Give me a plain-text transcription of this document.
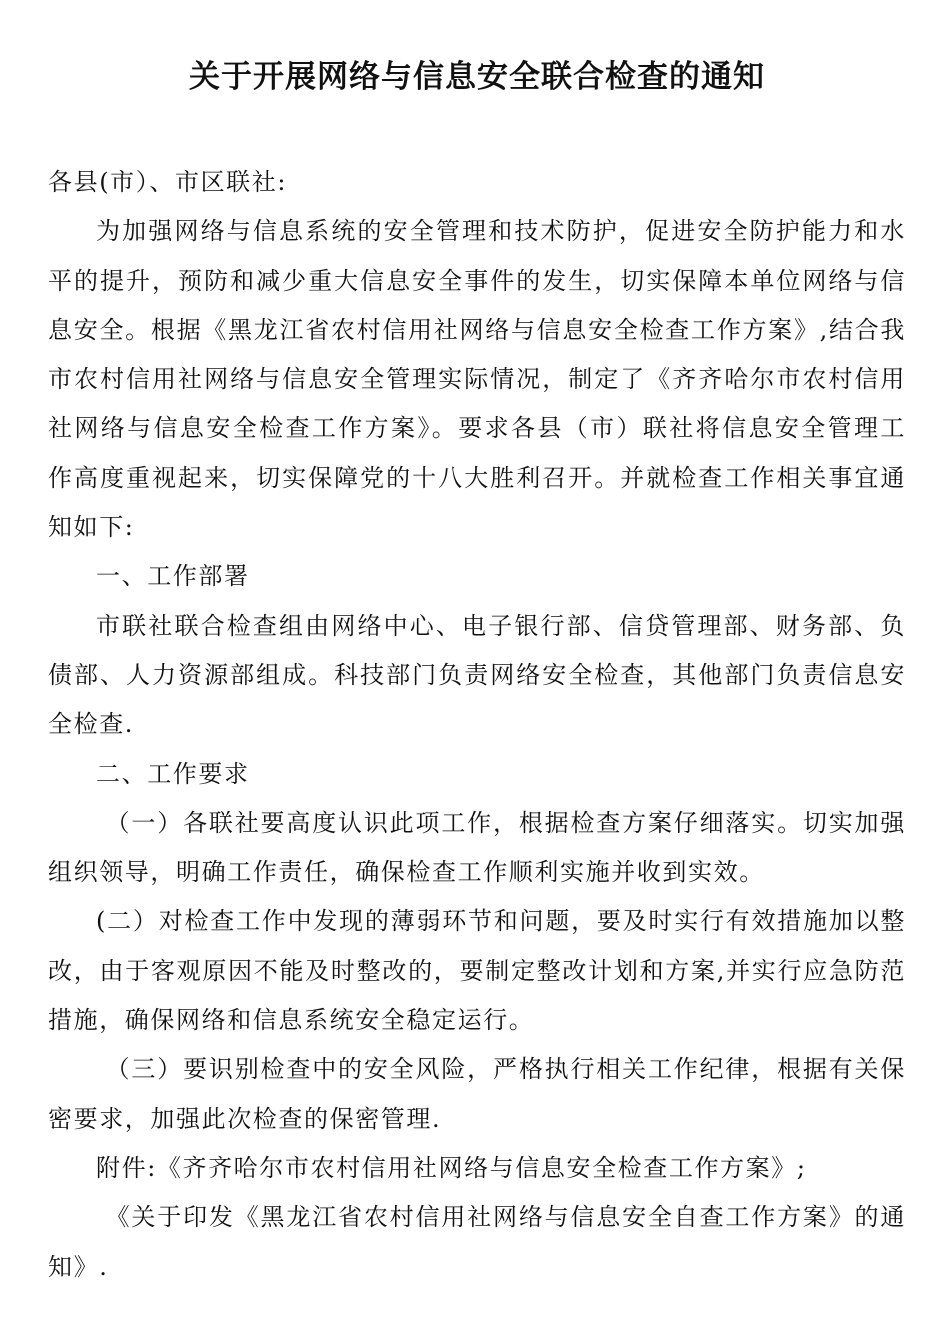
关于开展网络与信息安全联合检查的通知

各县(市）、市区联社:

为加强网络与信息系统的安全管理和技术防护，促进安全防护能力和水平的提升，预防和减少重大信息安全事件的发生，切实保障本单位网络与信息安全。根据《黑龙江省农村信用社网络与信息安全检查工作方案》,结合我市农村信用社网络与信息安全管理实际情况，制定了《齐齐哈尔市农村信用社网络与信息安全检查工作方案》。要求各县（市）联社将信息安全管理工作高度重视起来，切实保障党的十八大胜利召开。并就检查工作相关事宜通知如下:

一、工作部署

市联社联合检查组由网络中心、电子银行部、信贷管理部、财务部、负债部、人力资源部组成。科技部门负责网络安全检查，其他部门负责信息安全检查.

二、工作要求

（一）各联社要高度认识此项工作，根据检查方案仔细落实。切实加强组织领导，明确工作责任，确保检查工作顺利实施并收到实效。

(二）对检查工作中发现的薄弱环节和问题，要及时实行有效措施加以整改，由于客观原因不能及时整改的，要制定整改计划和方案,并实行应急防范措施，确保网络和信息系统安全稳定运行。

（三）要识别检查中的安全风险，严格执行相关工作纪律，根据有关保密要求，加强此次检查的保密管理.

附件:《齐齐哈尔市农村信用社网络与信息安全检查工作方案》;

《关于印发《黑龙江省农村信用社网络与信息安全自查工作方案》的通知》.
